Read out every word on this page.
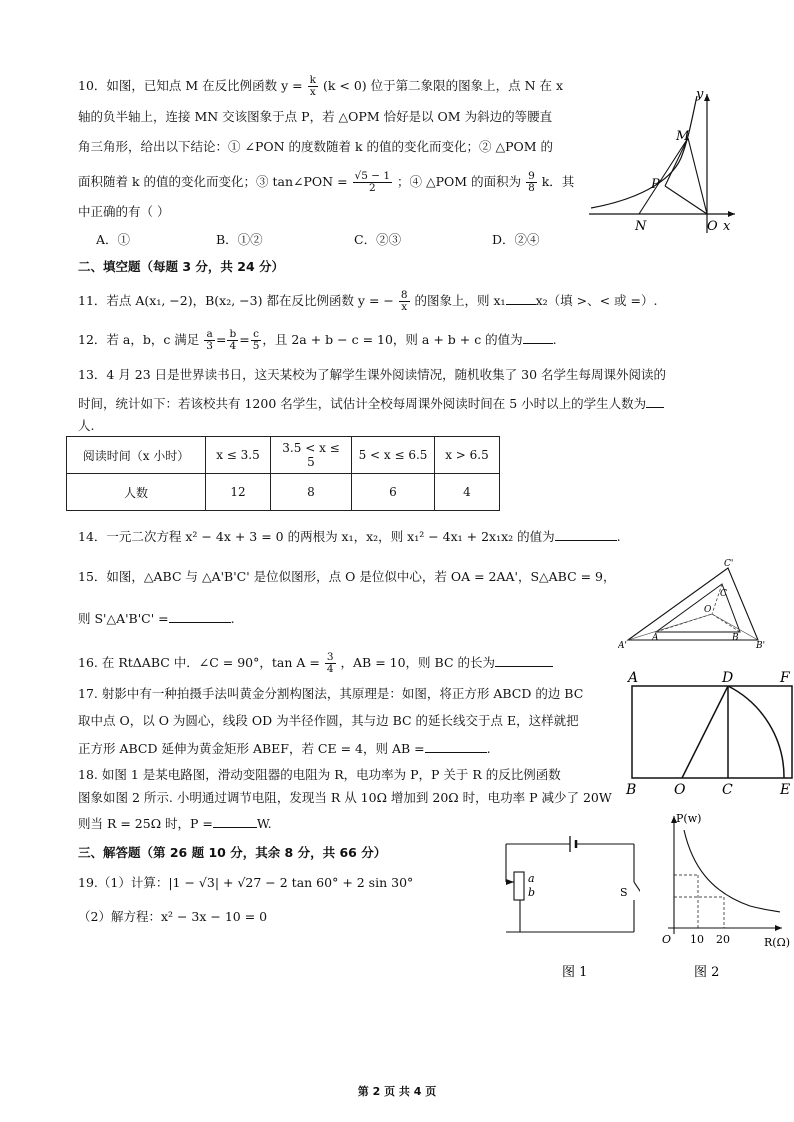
10．如图，已知点 M 在反比例函数 $y = \frac{k}{x} (k < 0)$ 位于第二象限的图象上，点 N 在 x
轴的负半轴上，连接 MN 交该图象于点 P，若 △OPM 恰好是以 OM 为斜边的等腰直
角三角形，给出以下结论：① ∠PON 的度数随着 k 的值的变化而变化；② △POM 的
面积随着 k 的值的变化而变化；③ tan∠PON = $\frac{√5 - 1}{2}$ ；④ △POM 的面积为 $\frac{9}{8}$ k．其
中正确的有（ ）
A．①	B．①②	C．②③	D．②④
y
M
P
N	O x
二、填空题（每题 3 分，共 24 分）
11．若点 A(x₁, −2)，B(x₂, −3) 都在反比例函数 y = − $\frac{8}{x}$ 的图象上，则 x₁ x₂（填 >、< 或 =）.
12．若 a，b，c 满足 $\frac{a}{3} = \frac{b}{4} = \frac{c}{5}$ ，且 2a + b − c = 10，则 a + b + c 的值为 .
13．4 月 23 日是世界读书日，这天某校为了解学生课外阅读情况，随机收集了 30 名学生每周课外阅读的
时间，统计如下：若该校共有 1200 名学生，试估计全校每周课外阅读时间在 5 小时以上的学生人数为
人.
阅读时间（x 小时）	x ≤ 3.5	3.5 < x ≤ 5	5 < x ≤ 6.5	x > 6.5
人数	12	8	6	4
14．一元二次方程 x² − 4x + 3 = 0 的两根为 x₁，x₂，则 x₁² − 4x₁ + 2x₁x₂ 的值为	.
15．如图，△ABC 与 △A'B'C' 是位似图形，点 O 是位似中心，若 OA = 2AA'，S△ABC = 9，
则 S'△A'B'C' =	.
C'
C
O
A'
A	B
B'
16. 在 RtΔABC 中．∠C = 90°，$\tan A = \frac{3}{4}$ ，AB = 10，则 BC 的长为
17. 射影中有一种拍摄手法叫黄金分割构图法，其原理是：如图，将正方形 ABCD 的边 BC
取中点 O，以 O 为圆心，线段 OD 为半径作圆，其与边 BC 的延长线交于点 E，这样就把
正方形 ABCD 延伸为黄金矩形 ABEF，若 CE = 4，则 AB =	.
A	D	F
B	O	C	E
18. 如图 1 是某电路图，滑动变阻器的电阻为 R，电功率为 P，P 关于 R 的反比例函数
图象如图 2 所示. 小明通过调节电阻，发现当 R 从 10Ω 增加到 20Ω 时，电功率 P 减少了 20W
则当 R = 25Ω 时，P =	W.
三、解答题（第 26 题 10 分，其余 8 分，共 66 分）
19.（1）计算：|1 − √3| + √27 − 2 tan 60° + 2 sin 30°
（2）解方程：x² − 3x − 10 = 0
a
b	S
图 1
P(w)
O 10 20	R(Ω)
图 2
第 2 页 共 4 页
